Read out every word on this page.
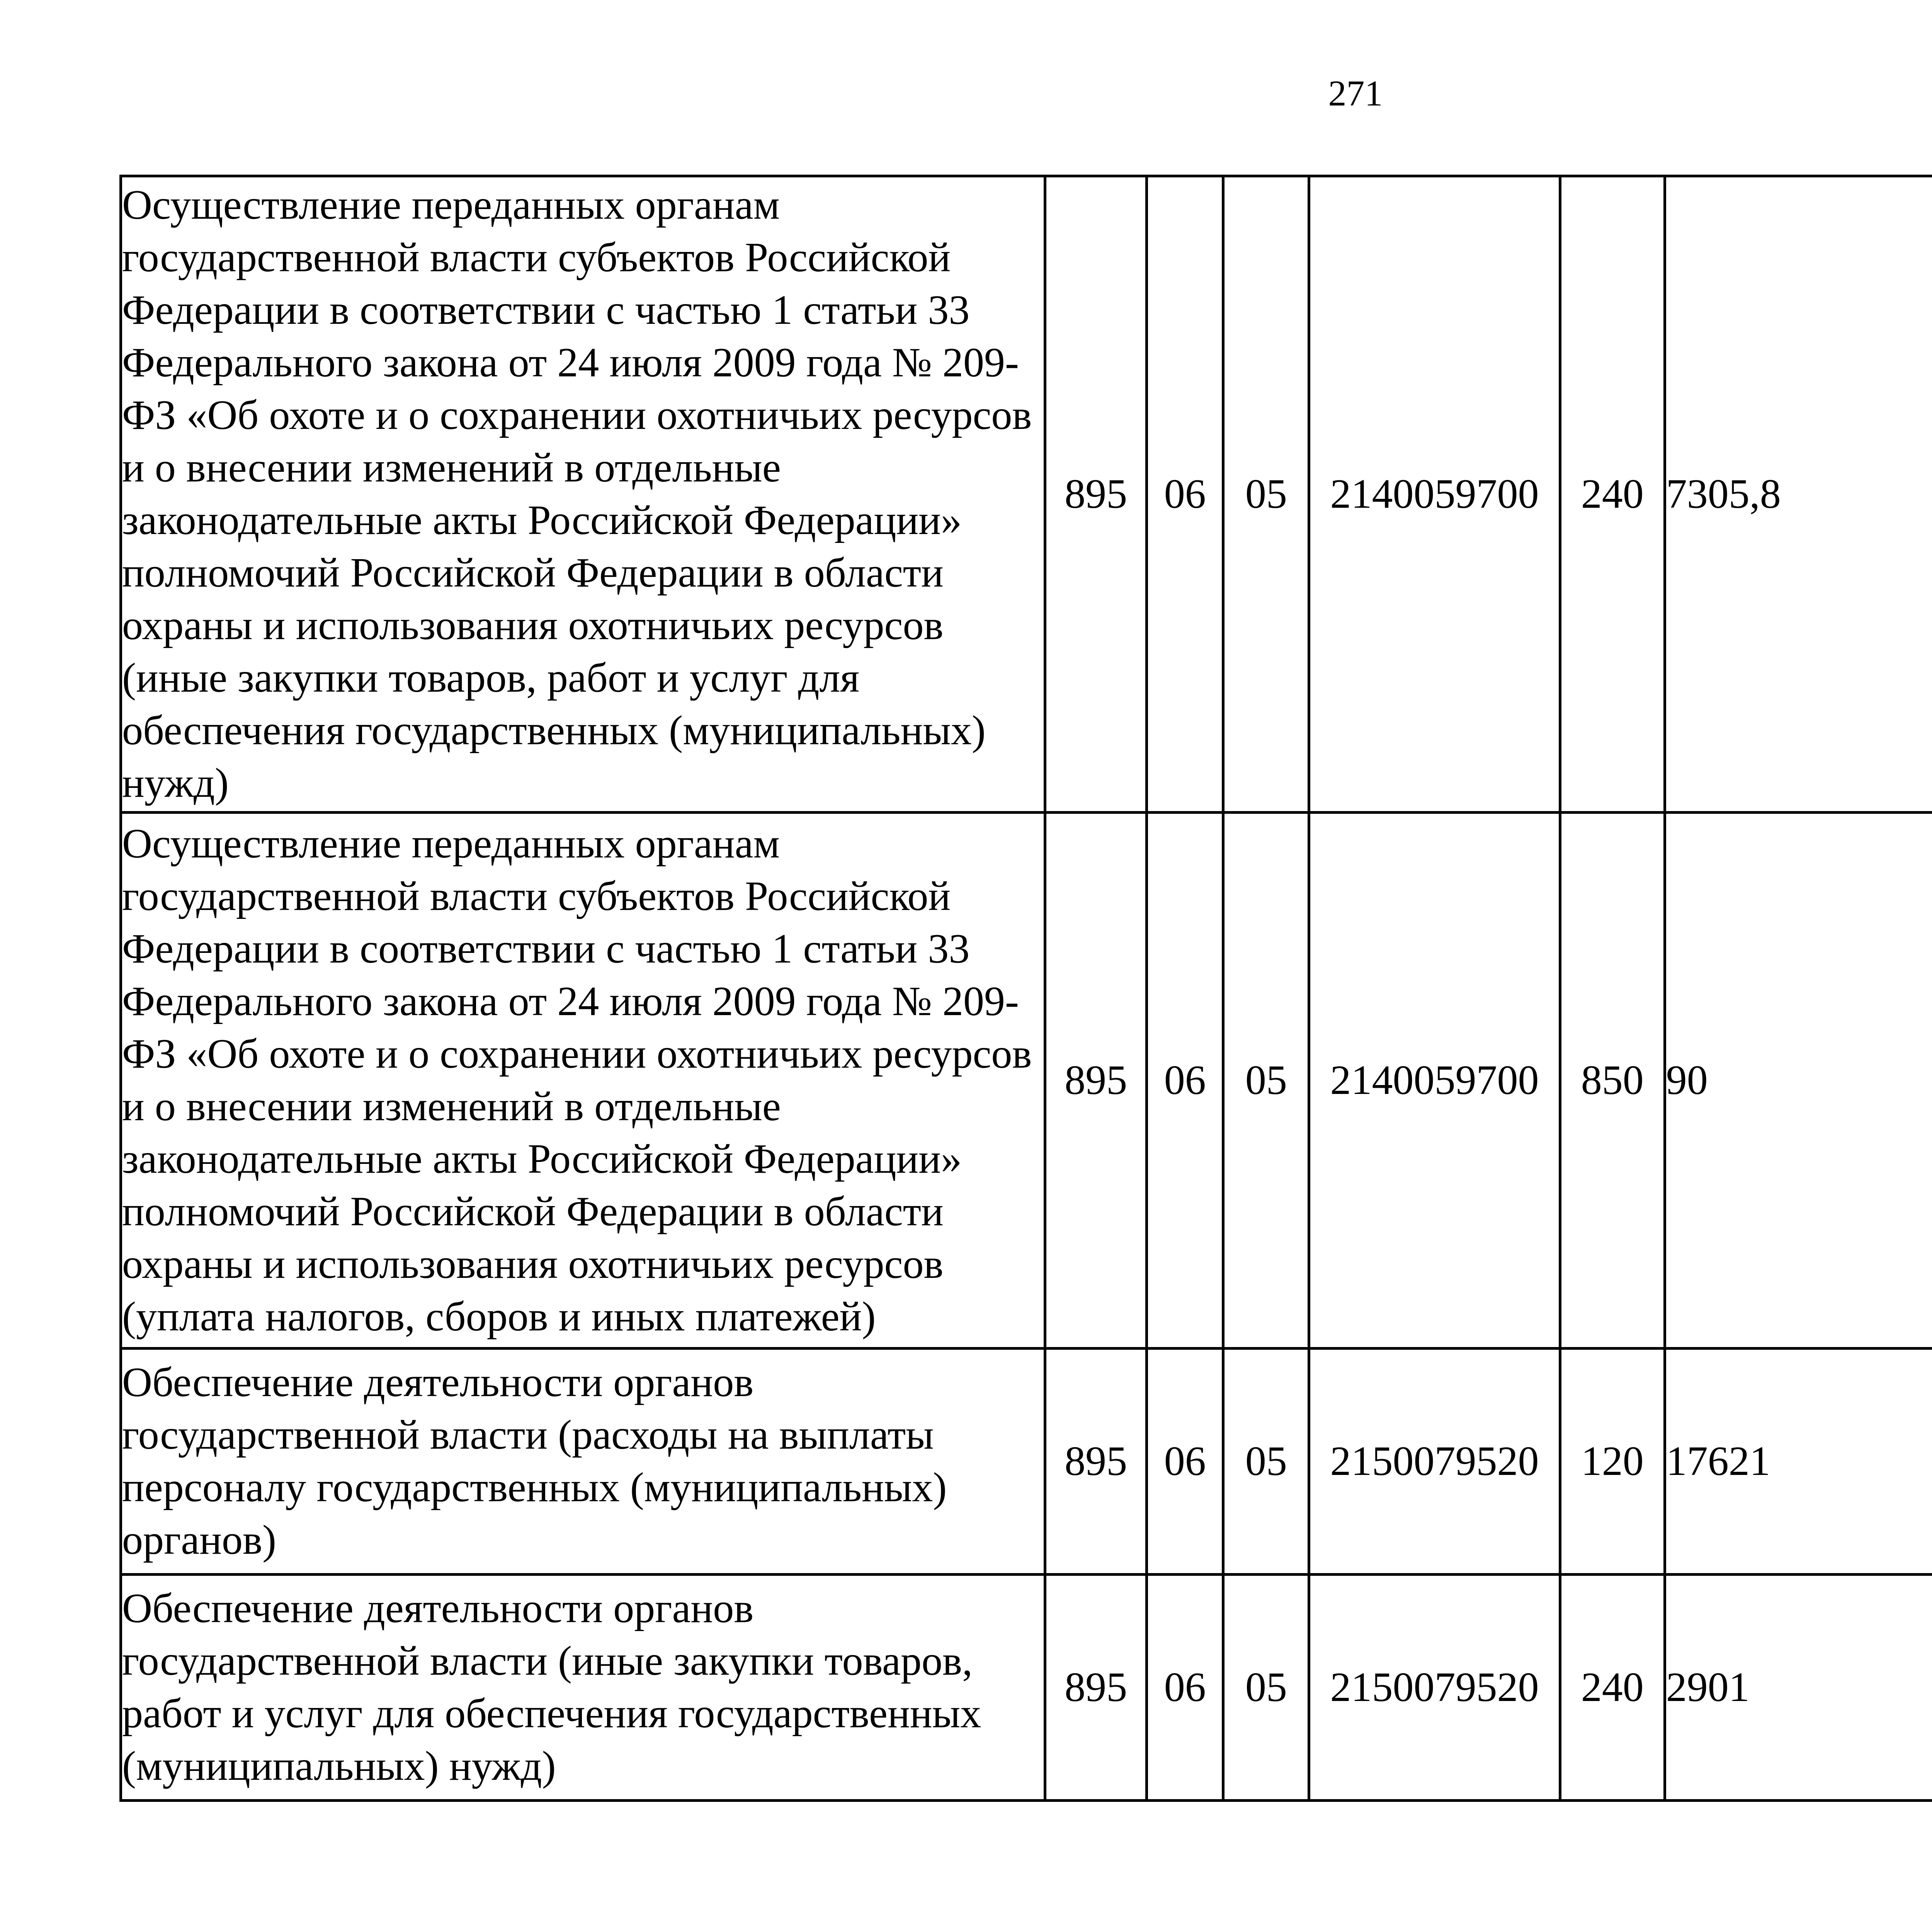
271
Осуществление переданных органам государственной власти субъектов Российской Федерации в соответствии с частью 1 статьи 33 Федерального закона от 24 июля 2009 года № 209-ФЗ «Об охоте и о сохранении охотничьих ресурсов и о внесении изменений в отдельные законодательные акты Российской Федерации» полномочий Российской Федерации в области охраны и использования охотничьих ресурсов (иные закупки товаров, работ и услуг для обеспечения государственных (муниципальных) нужд)	895	06	05	2140059700	240	7305,8		
Осуществление переданных органам государственной власти субъектов Российской Федерации в соответствии с частью 1 статьи 33 Федерального закона от 24 июля 2009 года № 209-ФЗ «Об охоте и о сохранении охотничьих ресурсов и о внесении изменений в отдельные законодательные акты Российской Федерации» полномочий Российской Федерации в области охраны и использования охотничьих ресурсов (уплата налогов, сборов и иных платежей)	895	06	05	2140059700	850	90		
Обеспечение деятельности органов государственной власти (расходы на выплаты персоналу государственных (муниципальных) органов)	895	06	05	2150079520	120	17621		
Обеспечение деятельности органов государственной власти (иные закупки товаров, работ и услуг для обеспечения государственных (муниципальных) нужд)	895	06	05	2150079520	240	2901		
